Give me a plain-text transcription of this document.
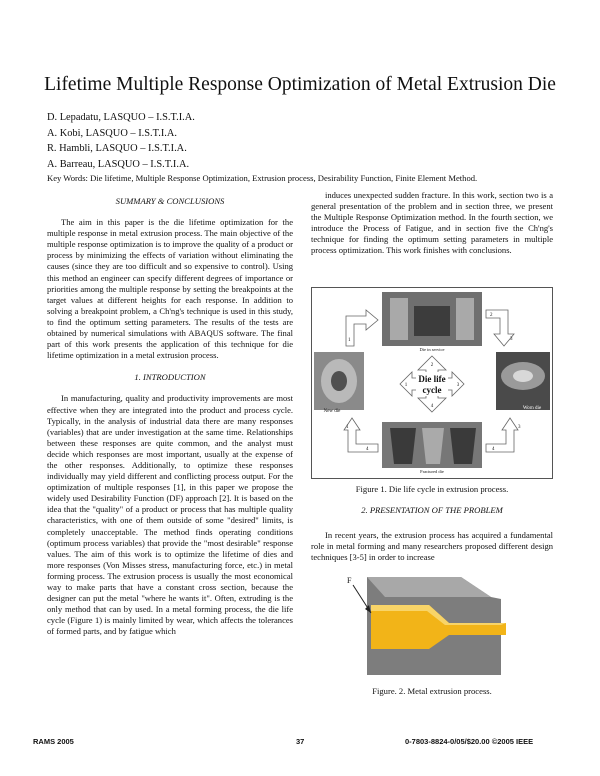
Lifetime Multiple Response Optimization of Metal Extrusion Die
D. Lepadatu, LASQUO – I.S.T.I.A.
A. Kobi, LASQUO – I.S.T.I.A.
R. Hambli, LASQUO – I.S.T.I.A.
A. Barreau, LASQUO – I.S.T.I.A.
Key Words: Die lifetime, Multiple Response Optimization, Extrusion process, Desirability Function, Finite Element Method.
SUMMARY & CONCLUSIONS

The aim in this paper is the die lifetime optimization for the multiple response in metal extrusion process. The main objective of the multiple response optimization is to improve the quality of a product or process by minimizing the effects of variation without eliminating the causes (since they are too difficult and so expensive to control). Using this method an engineer can specify different degrees of importance or priorities among the multiple response by setting the breakpoints at the target values at different heights for each response. In addition to solving a breakpoint problem, a Ch'ng's technique is used in this study, to find the optimum setting parameters. The results of the tests are obtained by numerical simulations with ABAQUS software. The final part of this work presents the application of this technique for die lifetime optimization in a metal extrusion process.

1. INTRODUCTION

In manufacturing, quality and productivity improvements are most effective when they are integrated into the product and process cycle. Typically, in the analysis of industrial data there are many responses (variables) that are under investigation at the same time. Relationships between these responses are quite common, and the analyst must decide which responses are most important, usually at the expense of the other responses. Additionally, to optimize these responses individually may yield different and conflicting process output. For the optimization of multiple responses [1], in this paper we propose the widely used Desirability Function (DF) approach [2]. It is based on the idea that the "quality" of a product or process that has multiple quality characteristics, with one of them outside of some "desired" limits, is completely unacceptable. The method finds operating conditions (optimum process variables) that provide the "most desirable" response values. The aim of this work is to optimize the lifetime of dies and more responses (Von Misses stress, manufacturing force, etc.) in metal forming process. The extrusion process is usually the most economical way to make parts that have a constant cross section, because the designer can put the metal "where he wants it". Often, extruding is the only method that can by used. In a metal forming process, the die life cycle (Figure 1) is mainly limited by wear, which affects the tolerances of formed parts, and by fatigue which

induces unexpected sudden fracture. In this work, section two is a general presentation of the problem and in section three, we present the Multiple Response Optimization method. In the fourth section, we introduce the Process of Fatigue, and in section five the Ch'ng's technique for finding the optimum setting parameters in multiple process optimization. This work finishes with conclusions.

Die in service
New die
Worn die
Fractured die
Die life
cycle
2
1	3
4
1	3
2
1
4
3
4
Figure 1. Die life cycle in extrusion process.
2. PRESENTATION OF THE PROBLEM

In recent years, the extrusion process has acquired a fundamental role in metal forming and many researchers proposed different design techniques [3-5] in order to increase

F
Figure. 2. Metal extrusion process.
RAMS 2005	37	0-7803-8824-0/05/$20.00 ©2005 IEEE
